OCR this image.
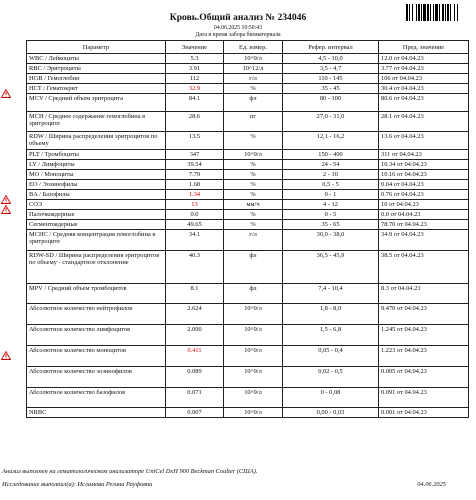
Кровь.Общий анализ № 234046
04.06.2025 10:50:43
Дата и время забора биоматериала
Параметр	Значение	Ед. измер.	Рефер. интервал	Пред. значение
WBC / Лейкоциты	5.3	10^9/л	4,5 - 10,0	12.0 от 04.04.23
RBC / Эритроциты	3.91	10^12/л	3,5 - 4,7	3.77 от 04.04.23
HGB / Гемоглобин	112	г/л	110 - 145	106 от 04.04.23
HCT / Гематокрит	32.9	%	35 - 45	30.4 от 04.04.23
MCV / Средний объем эритроцита	84.1	фл	80 - 100	80.6 от 04.04.23
MCH / Среднее содержание гемоглобина в эритроците	28.6	пг	27,0 - 31,0	28.1 от 04.04.23
RDW / Ширина распределения эритроцитов по объему	13.5	%	12,1 - 16,2	13.6 от 04.04.23
PLT / Тромбоциты	347	10^9/л	150 - 400	311 от 04.04.23
LY / Лимфоциты	39.54	%	24 - 54	10.34 от 04.04.23
MO / Моноциты	7.79	%	2 - 10	10.16 от 04.04.23
EO / Эозинофилы	1.68	%	0,5 - 5	0.04 от 04.04.23
BA / Базофилы	1.34	%	0 - 1	0.76 от 04.04.23
СОЭ	13	мм/ч	4 - 12	10 от 04.04.23
Палочкоядерные	0.0	%	0 - 5	0.0 от 04.04.23
Сегментоядерные	49.65	%	35 - 65	78.70 от 04.04.23
MCHC / Средняя концентрация гемоглобина в эритроците	34.1	г/л	30,0 - 38,0	34.9 от 04.04.23
RDW-SD / Ширина распределения эритроцитов по объему - стандартное отклонение	40.3	фл	36,5 - 45,9	38.5 от 04.04.23
MPV / Средний объем тромбоцитов	8.1	фл	7,4 - 10,4	8.3 от 04.04.23
Абсолютное количество нейтрофилов	2.624	10^9/л	1,8 - 8,0	9.470 от 04.04.23
Абсолютное количество лимфоцитов	2.090	10^9/л	1,5 - 6,8	1.245 от 04.04.23
Абсолютное количество моноцитов	0.411	10^9/л	0,05 - 0,4	1.223 от 04.04.23
Абсолютное количество эозинофилов	0.089	10^9/л	0,02 - 0,5	0.005 от 04.04.23
Абсолютное количество базофилов	0.071	10^9/л	0 - 0,08	0.091 от 04.04.23
NRBC	0.007	10^9/л	0,00 - 0,03	0.001 от 04.04.23
Анализ выполнен на гематологическом анализаторе UniCel DxH 900 Beckman Coulter (США).
Исследование выполнил(а): Исламова Регина Рауфовна	04.06.2025
